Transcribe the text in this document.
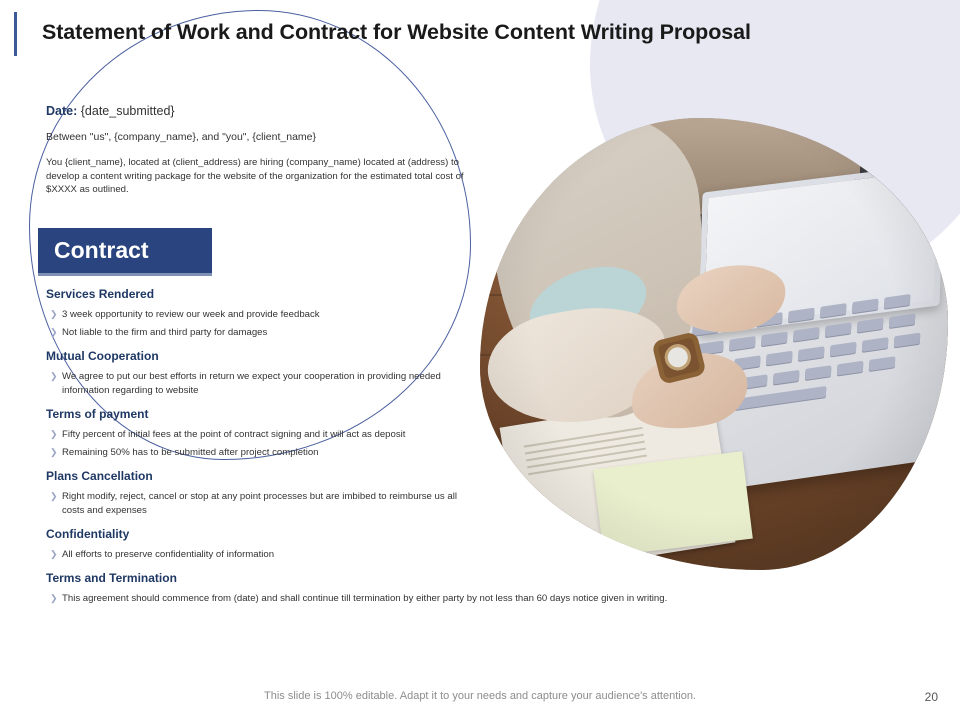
Statement of Work and Contract for Website Content Writing Proposal
Date: {date_submitted}
Between "us", {company_name}, and "you", {client_name}
You {client_name}, located at (client_address) are hiring (company_name) located at (address) to develop a content writing package for the website of the organization for the estimated total cost of $XXXX as outlined.
Contract
Services Rendered
❯ 3 week opportunity to review our week and provide feedback
❯ Not liable to the firm and third party for damages
Mutual Cooperation
❯ We agree to put our best efforts in return we expect your cooperation in providing needed information regarding to website
Terms of payment
❯ Fifty percent of initial fees at the point of contract signing and it will act as deposit
❯ Remaining 50% has to be submitted after project completion
Plans Cancellation
❯ Right modify, reject, cancel or stop at any point processes but are imbibed to reimburse us all costs and expenses
Confidentiality
❯ All efforts to preserve confidentiality of information
Terms and Termination
❯ This agreement should commence from (date) and shall continue till termination by either party by not less than 60 days notice given in writing.
This slide is 100% editable. Adapt it to your needs and capture your audience's attention.	20
